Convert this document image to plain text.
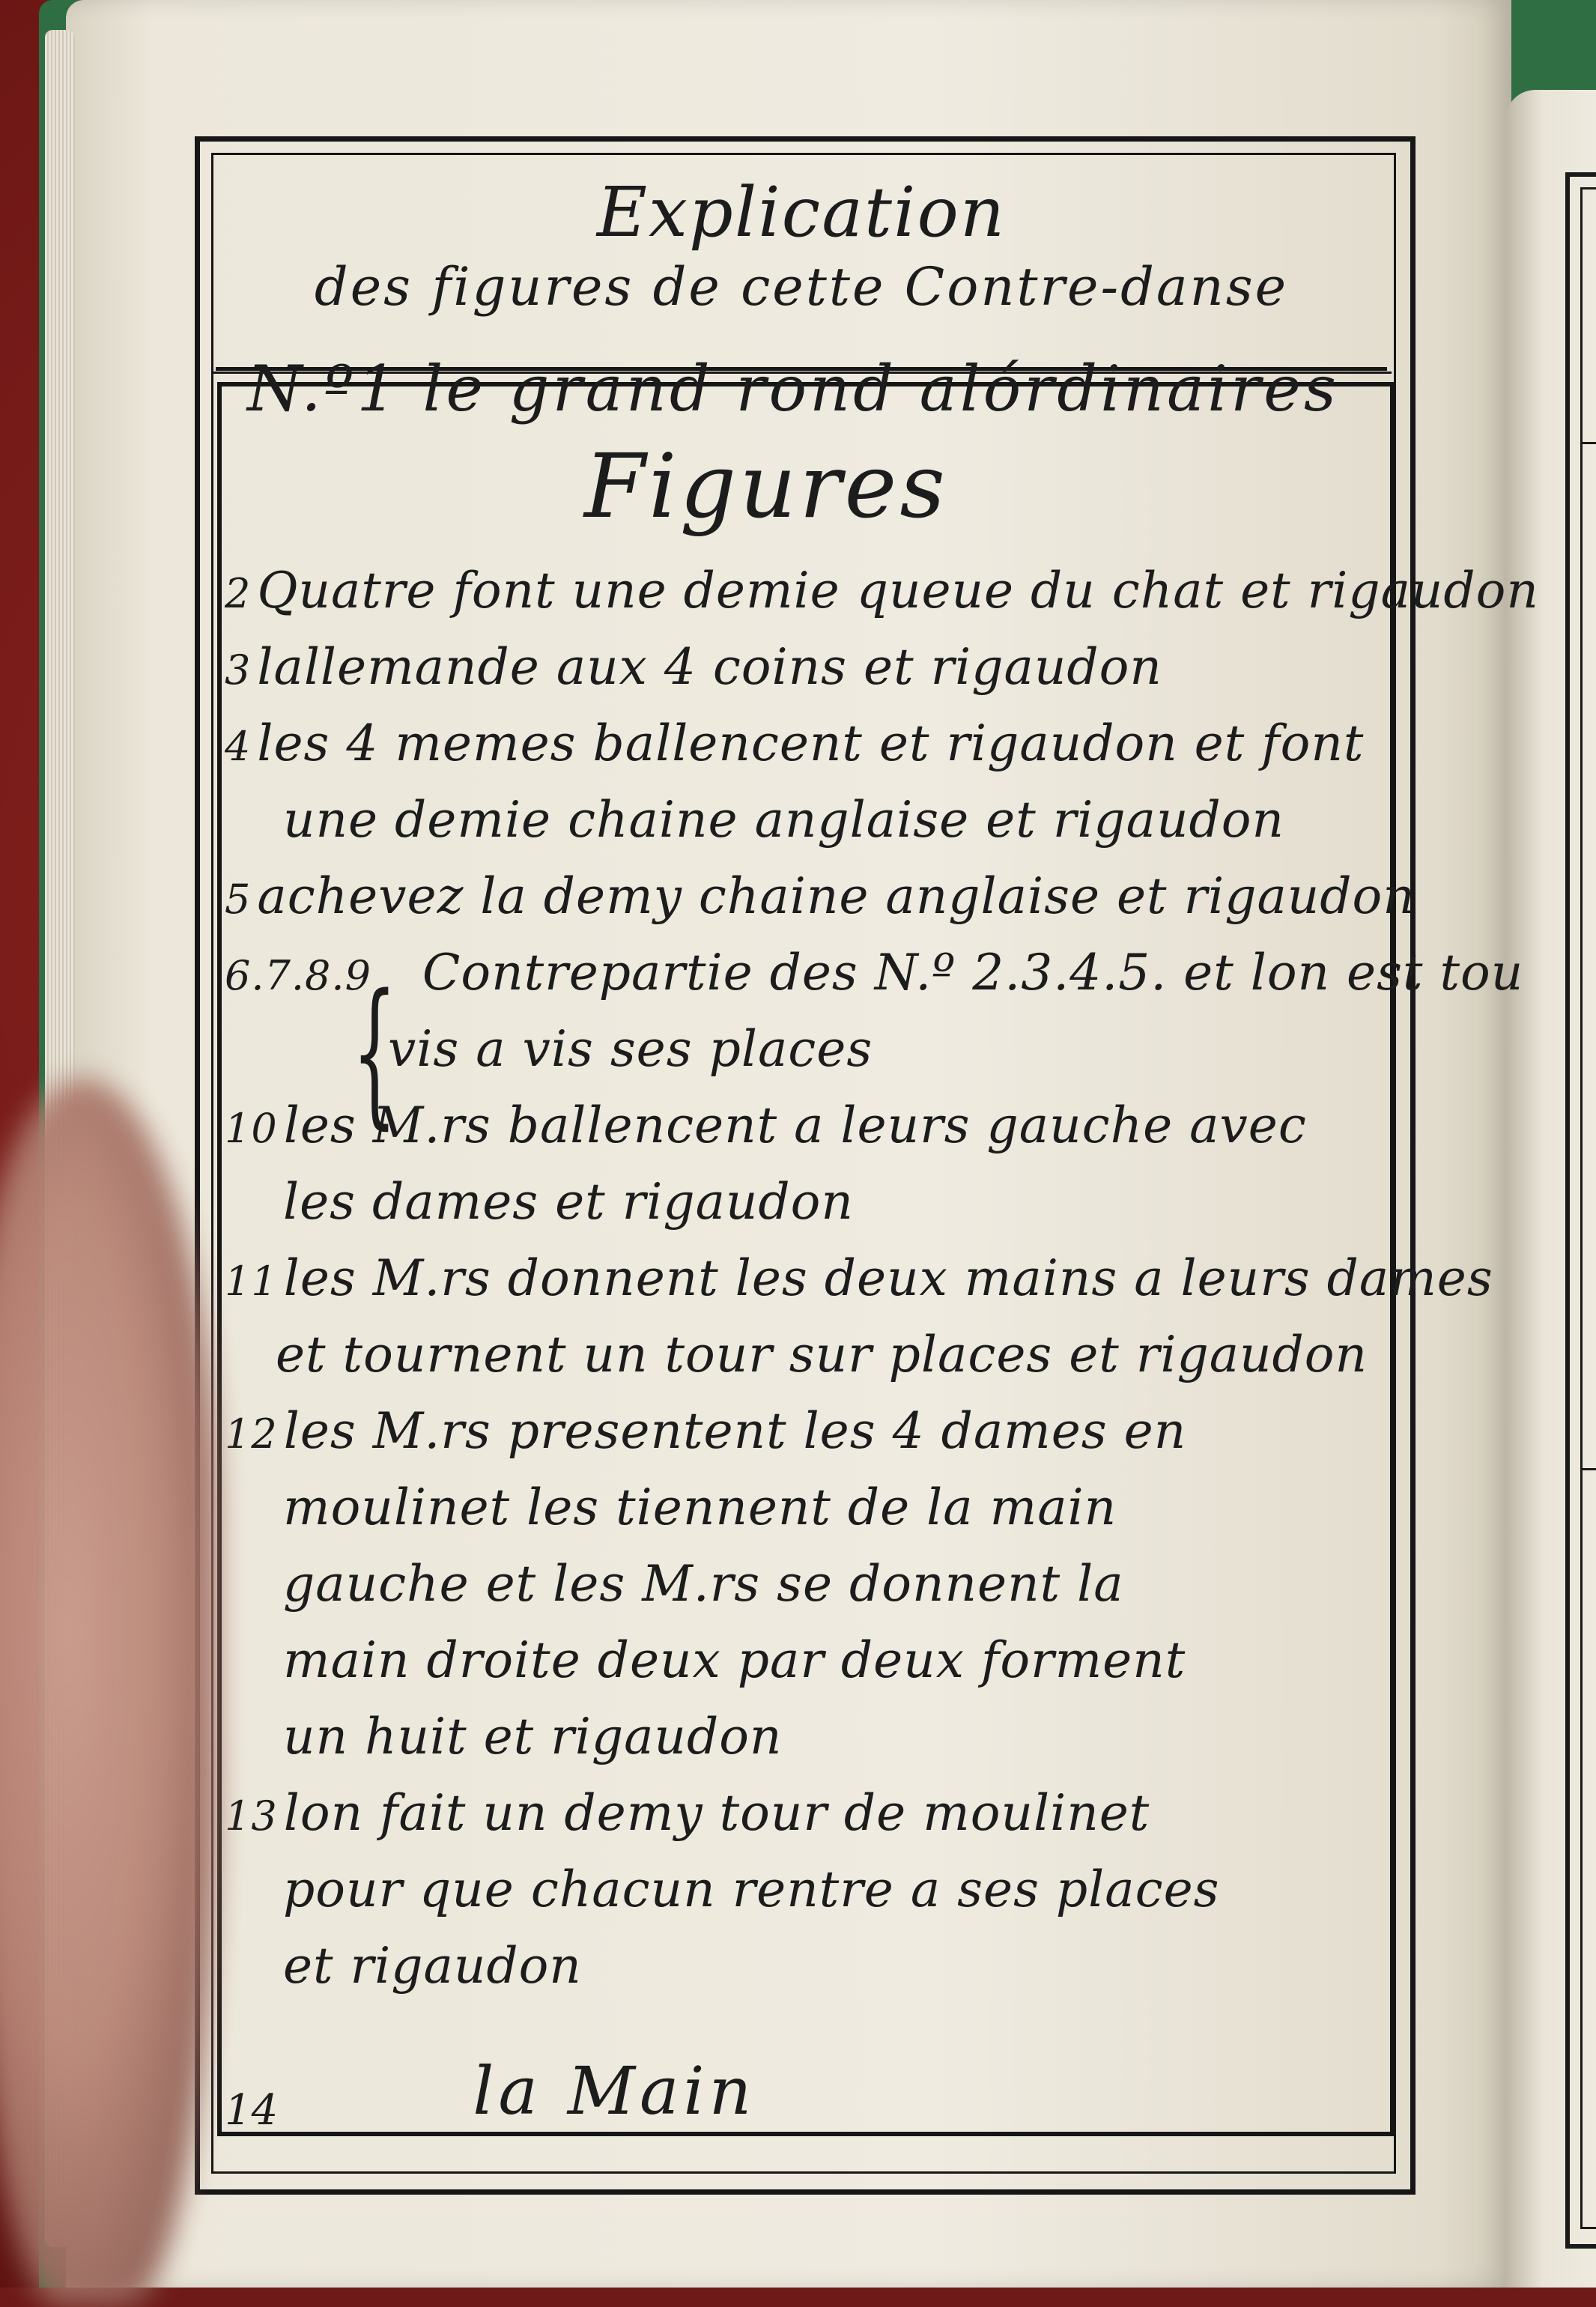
Explication
des figures de cette Contre-danse
N.º1 le grand rond alórdinaires
Figures
2 Quatre font une demie queue du chat et rigaudon
3 lallemande aux 4 coins et rigaudon
4 les 4 memes ballencent et rigaudon et font
une demie chaine anglaise et rigaudon
5 achevez la demy chaine anglaise et rigaudon
6.7.8.9 Contrepartie des N.º 2.3.4.5. et lon est tou
vis a vis ses places
10 les M.rs ballencent a leurs gauche avec
les dames et rigaudon
11 les M.rs donnent les deux mains a leurs dames
et tournent un tour sur places et rigaudon
12 les M.rs presentent les 4 dames en
moulinet les tiennent de la main
gauche et les M.rs se donnent la
main droite deux par deux forment
un huit et rigaudon
13 lon fait un demy tour de moulinet
pour que chacun rentre a ses places
et rigaudon
{
14	la Main
